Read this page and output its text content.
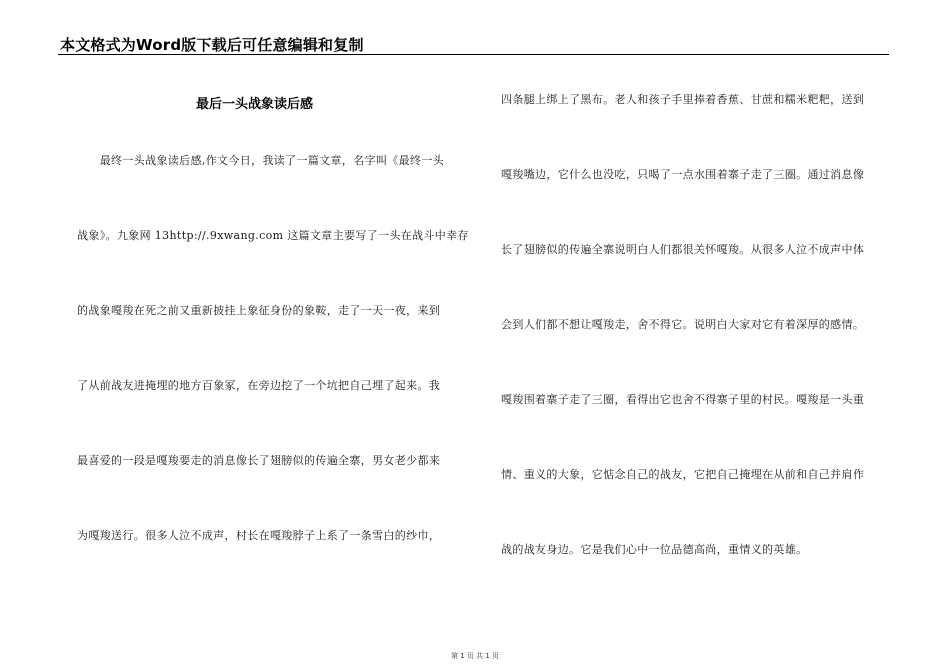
本文格式为Word版下载后可任意编辑和复制
最后一头战象读后感
　　最终一头战象读后感,作文今日，我读了一篇文章，名字叫《最终一头
战象》。九象网 13http://.9xwang.com 这篇文章主要写了一头在战斗中幸存
的战象嘎羧在死之前又重新披挂上象征身份的象鞍，走了一天一夜，来到
了从前战友进掩埋的地方百象冢，在旁边挖了一个坑把自己埋了起来。我
最喜爱的一段是嘎羧要走的消息像长了翅膀似的传遍全寨，男女老少都来
为嘎羧送行。很多人泣不成声，村长在嘎羧脖子上系了一条雪白的纱巾，
四条腿上绑上了黑布。老人和孩子手里捧着香蕉、甘蔗和糯米粑粑，送到
嘎羧嘴边，它什么也没吃，只喝了一点水围着寨子走了三圈。通过消息像
长了翅膀似的传遍全寨说明白人们都很关怀嘎羧。从很多人泣不成声中体
会到人们都不想让嘎羧走，舍不得它。说明白大家对它有着深厚的感情。
嘎羧围着寨子走了三圈，看得出它也舍不得寨子里的村民。嘎羧是一头重
情、重义的大象，它惦念自己的战友，它把自己掩埋在从前和自己并肩作
战的战友身边。它是我们心中一位品德高尚，重情义的英雄。
第 1 页 共 1 页
